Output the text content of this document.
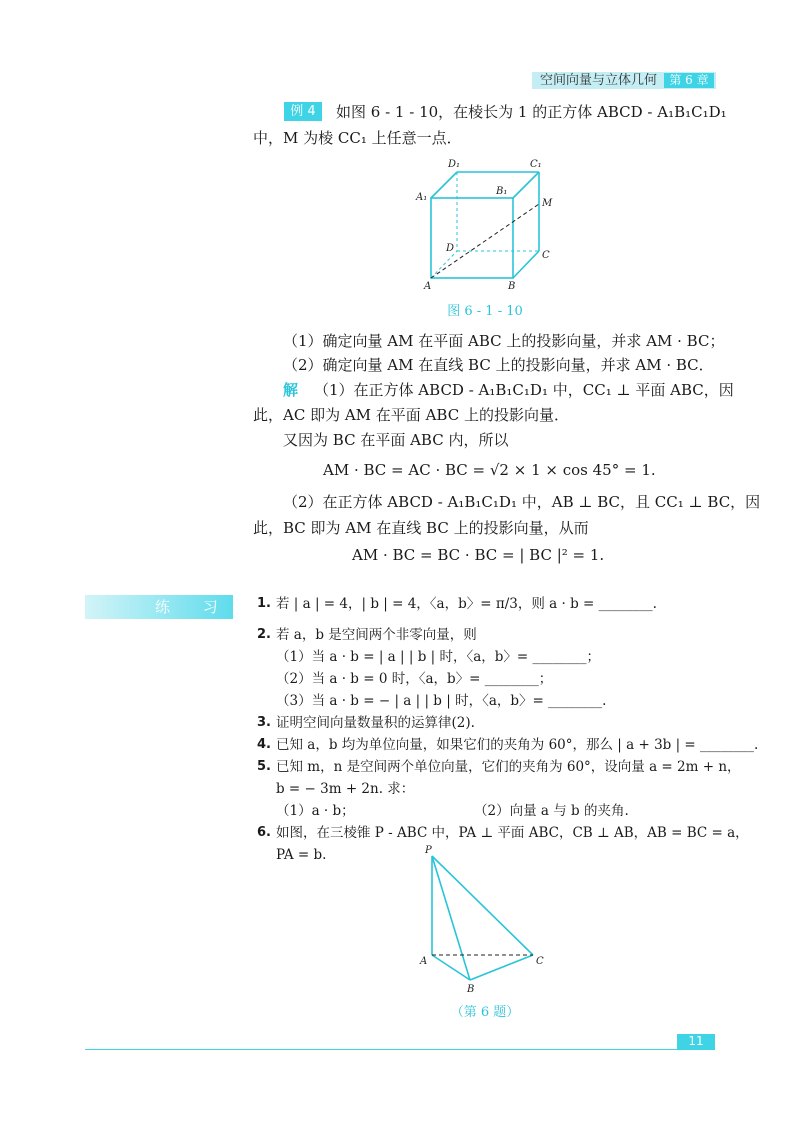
空间向量与立体几何	第 6 章
例 4	如图 6 - 1 - 10，在棱长为 1 的正方体 ABCD - A₁B₁C₁D₁
中，M 为棱 CC₁ 上任意一点．
D₁	C₁
A₁
B₁
M
D
C
A	B
图 6 - 1 - 10
（1）确定向量 AM 在平面 ABC 上的投影向量，并求 AM · BC；
（2）确定向量 AM 在直线 BC 上的投影向量，并求 AM · BC．
解 （1）在正方体 ABCD - A₁B₁C₁D₁ 中，CC₁ ⊥ 平面 ABC，因
此，AC 即为 AM 在平面 ABC 上的投影向量．
又因为 BC 在平面 ABC 内，所以
AM · BC = AC · BC = √2 × 1 × cos 45° = 1.
（2）在正方体 ABCD - A₁B₁C₁D₁ 中，AB ⊥ BC，且 CC₁ ⊥ BC，因
此，BC 即为 AM 在直线 BC 上的投影向量，从而
AM · BC = BC · BC = | BC |² = 1.
练 习 1. 若 | a | = 4，| b | = 4，〈a，b〉= π/3，则 a · b = ________.
2. 若 a，b 是空间两个非零向量，则
（1）当 a · b = | a | | b | 时，〈a，b〉= ________；
（2）当 a · b = 0 时，〈a，b〉= ________；
（3）当 a · b = − | a | | b | 时，〈a，b〉= ________.
3. 证明空间向量数量积的运算律(2).
4. 已知 a，b 均为单位向量，如果它们的夹角为 60°，那么 | a + 3b | = ________.
5. 已知 m，n 是空间两个单位向量，它们的夹角为 60°，设向量 a = 2m + n，
b = − 3m + 2n. 求：
（1）a · b；	（2）向量 a 与 b 的夹角.
6. 如图，在三棱锥 P - ABC 中，PA ⊥ 平面 ABC，CB ⊥ AB，AB = BC = a，
PA = b.	P
A
B
C
（第 6 题）
11
